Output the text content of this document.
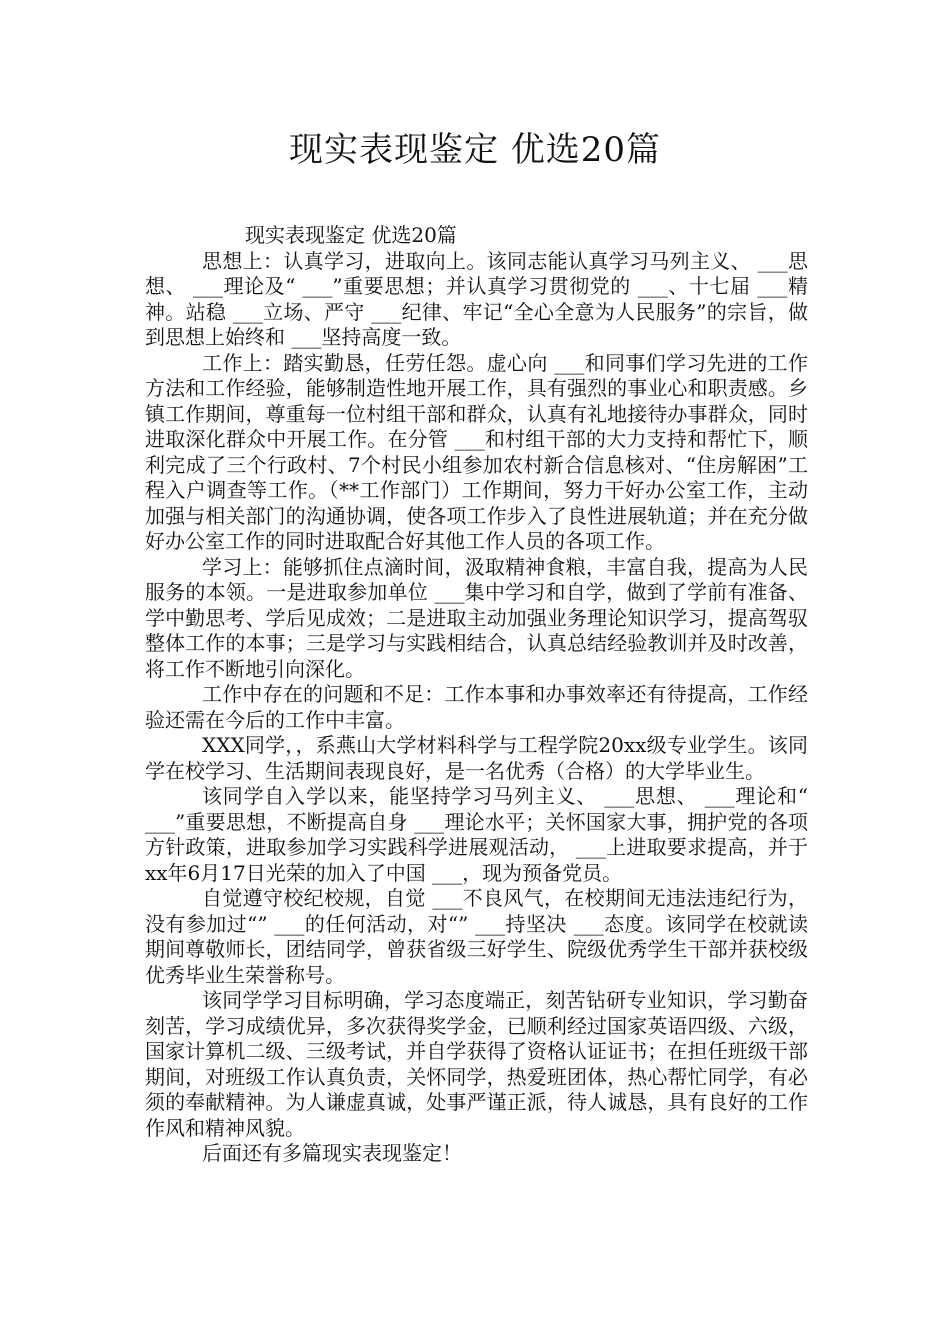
现实表现鉴定 优选20篇

现实表现鉴定 优选20篇

思想上：认真学习，进取向上。该同志能认真学习马列主义、 ___思想、 ___理论及“ ___”重要思想；并认真学习贯彻党的 ___、十七届 ___精神。站稳 ___立场、严守 ___纪律、牢记“全心全意为人民服务”的宗旨，做到思想上始终和 ___坚持高度一致。

工作上：踏实勤恳，任劳任怨。虚心向 ___和同事们学习先进的工作方法和工作经验，能够制造性地开展工作，具有强烈的事业心和职责感。乡镇工作期间，尊重每一位村组干部和群众，认真有礼地接待办事群众，同时进取深化群众中开展工作。在分管 ___和村组干部的大力支持和帮忙下，顺利完成了三个行政村、7个村民小组参加农村新合信息核对、“住房解困”工程入户调查等工作。（**工作部门）工作期间，努力干好办公室工作，主动加强与相关部门的沟通协调，使各项工作步入了良性进展轨道；并在充分做好办公室工作的同时进取配合好其他工作人员的各项工作。

学习上：能够抓住点滴时间，汲取精神食粮，丰富自我，提高为人民服务的本领。一是进取参加单位 ___集中学习和自学，做到了学前有准备、学中勤思考、学后见成效；二是进取主动加强业务理论知识学习，提高驾驭整体工作的本事；三是学习与实践相结合，认真总结经验教训并及时改善，将工作不断地引向深化。

工作中存在的问题和不足：工作本事和办事效率还有待提高，工作经验还需在今后的工作中丰富。

XXX同学，，系燕山大学材料科学与工程学院20xx级专业学生。该同学在校学习、生活期间表现良好，是一名优秀（合格）的大学毕业生。

该同学自入学以来，能坚持学习马列主义、 ___思想、 ___理论和“ ___”重要思想，不断提高自身 ___理论水平；关怀国家大事，拥护党的各项方针政策，进取参加学习实践科学进展观活动， ___上进取要求提高，并于xx年6月17日光荣的加入了中国 ___，现为预备党员。

自觉遵守校纪校规，自觉 ___不良风气，在校期间无违法违纪行为，没有参加过“” ___的任何活动，对“” ___持坚决 ___态度。该同学在校就读期间尊敬师长，团结同学，曾获省级三好学生、院级优秀学生干部并获校级优秀毕业生荣誉称号。

该同学学习目标明确，学习态度端正，刻苦钻研专业知识，学习勤奋刻苦，学习成绩优异，多次获得奖学金，已顺利经过国家英语四级、六级，国家计算机二级、三级考试，并自学获得了资格认证证书；在担任班级干部期间，对班级工作认真负责，关怀同学，热爱班团体，热心帮忙同学，有必须的奉献精神。为人谦虚真诚，处事严谨正派，待人诚恳，具有良好的工作作风和精神风貌。

后面还有多篇现实表现鉴定！
